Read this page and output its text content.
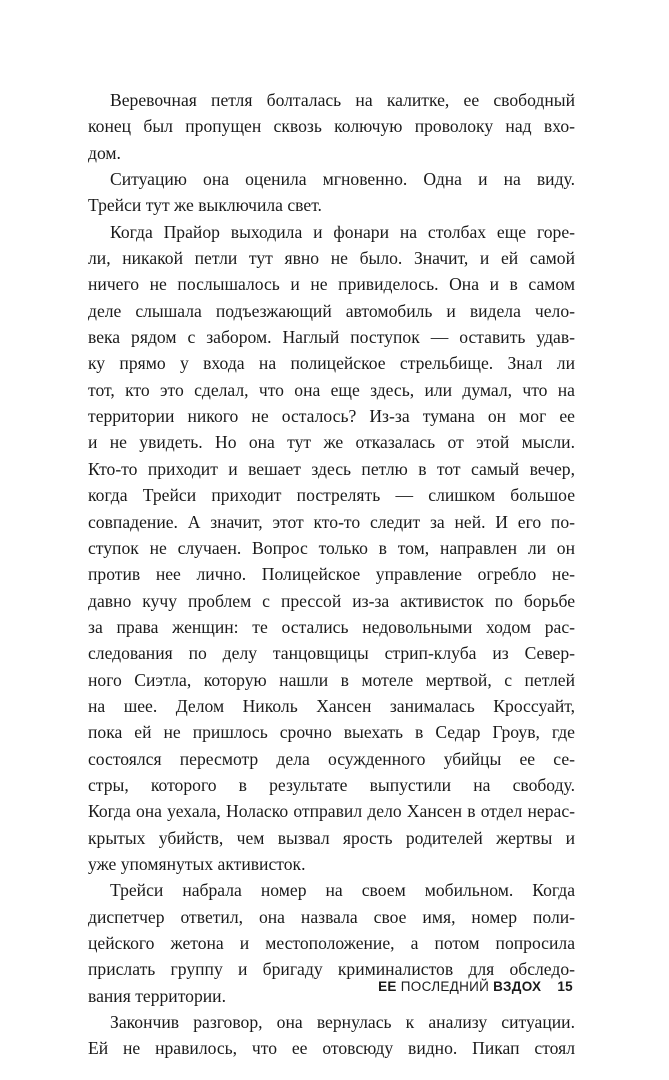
Веревочная петля болталась на калитке, ее свободный
конец был пропущен сквозь колючую проволоку над вхо-
дом.
Ситуацию она оценила мгновенно. Одна и на виду.
Трейси тут же выключила свет.
Когда Прайор выходила и фонари на столбах еще горе-
ли, никакой петли тут явно не было. Значит, и ей самой
ничего не послышалось и не привиделось. Она и в самом
деле слышала подъезжающий автомобиль и видела чело-
века рядом с забором. Наглый поступок — оставить удав-
ку прямо у входа на полицейское стрельбище. Знал ли
тот, кто это сделал, что она еще здесь, или думал, что на
территории никого не осталось? Из-за тумана он мог ее
и не увидеть. Но она тут же отказалась от этой мысли.
Кто-то приходит и вешает здесь петлю в тот самый вечер,
когда Трейси приходит пострелять — слишком большое
совпадение. А значит, этот кто-то следит за ней. И его по-
ступок не случаен. Вопрос только в том, направлен ли он
против нее лично. Полицейское управление огребло не-
давно кучу проблем с прессой из-за активисток по борьбе
за права женщин: те остались недовольными ходом рас-
следования по делу танцовщицы стрип-клуба из Север-
ного Сиэтла, которую нашли в мотеле мертвой, с петлей
на шее. Делом Николь Хансен занималась Кроссуайт,
пока ей не пришлось срочно выехать в Седар Гроув, где
состоялся пересмотр дела осужденного убийцы ее се-
стры, которого в результате выпустили на свободу.
Когда она уехала, Ноласко отправил дело Хансен в отдел нерас-
крытых убийств, чем вызвал ярость родителей жертвы и
уже упомянутых активисток.
Трейси набрала номер на своем мобильном. Когда
диспетчер ответил, она назвала свое имя, номер поли-
цейского жетона и местоположение, а потом попросила
прислать группу и бригаду криминалистов для обследо-
вания территории.
Закончив разговор, она вернулась к анализу ситуации.
Ей не нравилось, что ее отовсюду видно. Пикап стоял
ЕЕ ПОСЛЕДНИЙ ВЗДОХ 15
